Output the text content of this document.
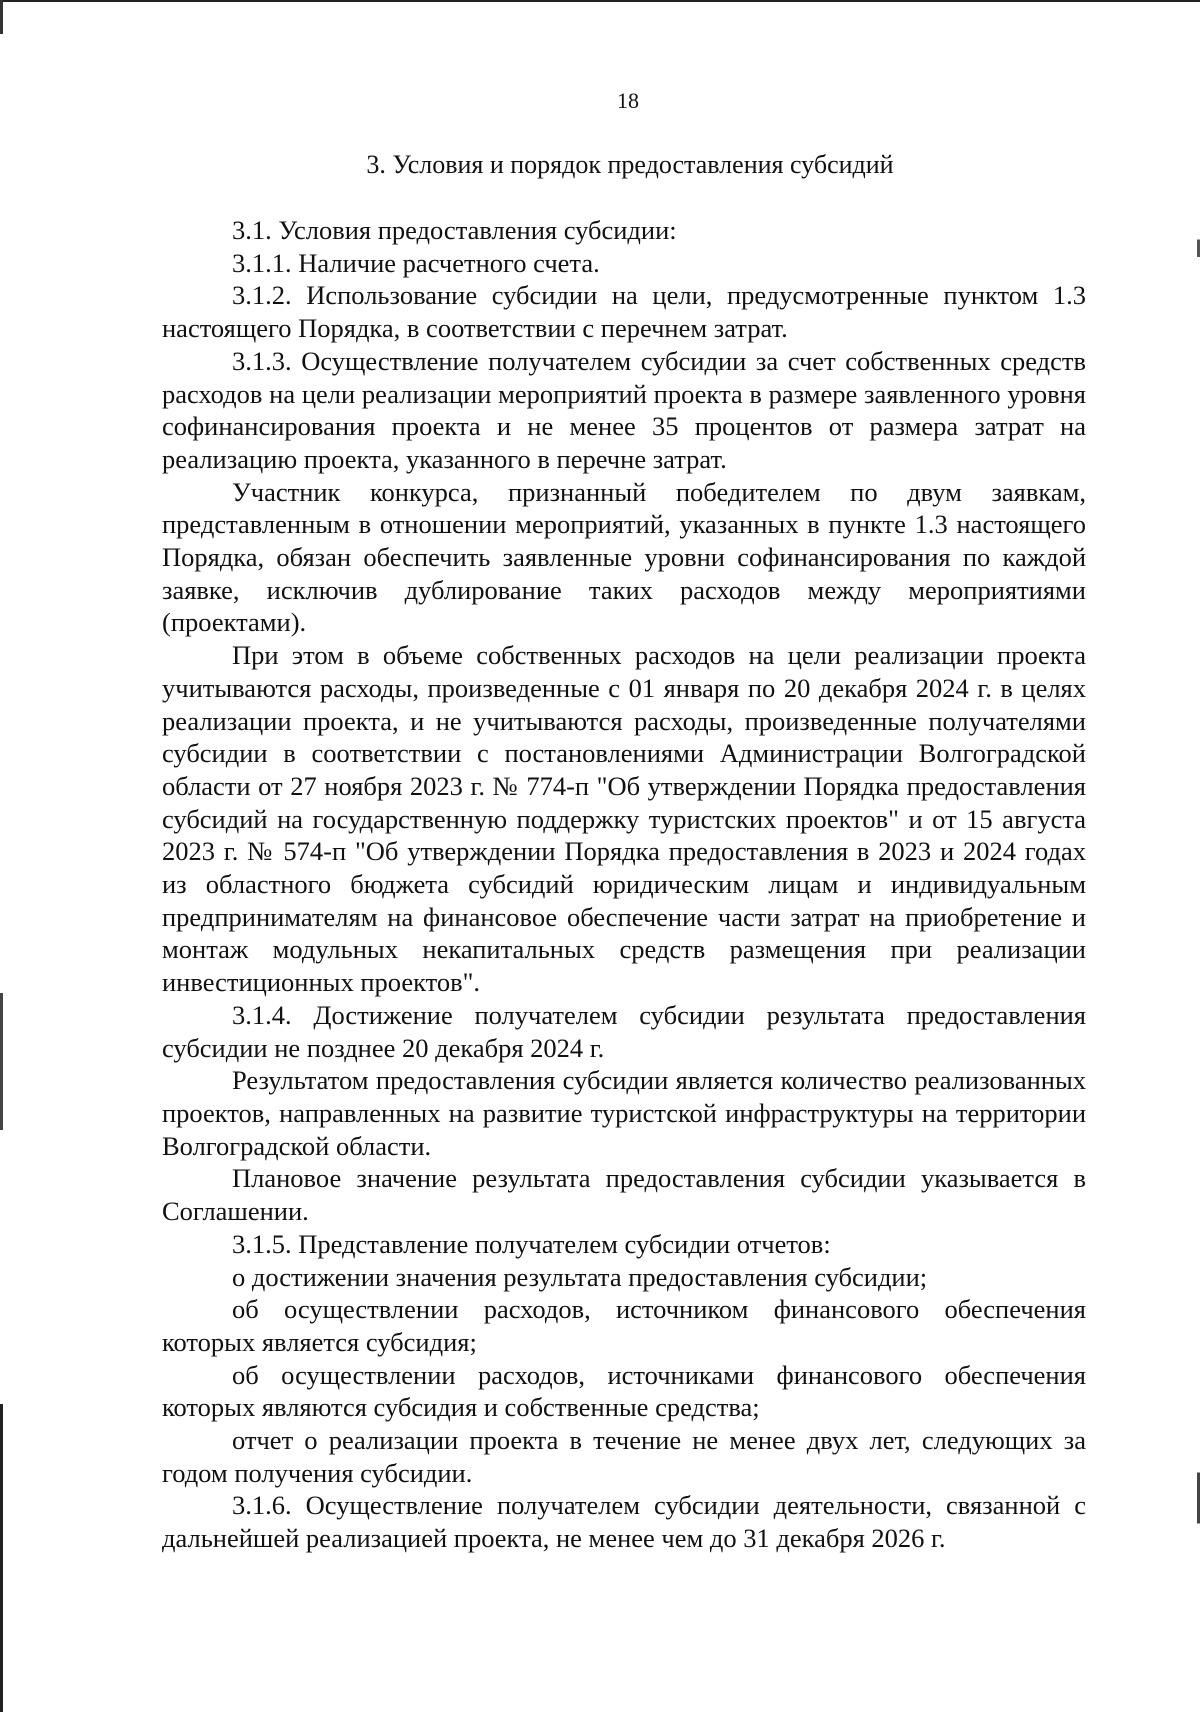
18
3. Условия и порядок предоставления субсидий

3.1. Условия предоставления субсидии:

3.1.1. Наличие расчетного счета.

3.1.2. Использование субсидии на цели, предусмотренные пунктом 1.3 настоящего Порядка, в соответствии с перечнем затрат.

3.1.3. Осуществление получателем субсидии за счет собственных средств расходов на цели реализации мероприятий проекта в размере заявленного уровня софинансирования проекта и не менее 35 процентов от размера затрат на реализацию проекта, указанного в перечне затрат.

Участник конкурса, признанный победителем по двум заявкам, представленным в отношении мероприятий, указанных в пункте 1.3 настоящего Порядка, обязан обеспечить заявленные уровни софинансирования по каждой заявке, исключив дублирование таких расходов между мероприятиями (проектами).

При этом в объеме собственных расходов на цели реализации проекта учитываются расходы, произведенные с 01 января по 20 декабря 2024 г. в целях реализации проекта, и не учитываются расходы, произведенные получателями субсидии в соответствии с постановлениями Администрации Волгоградской области от 27 ноября 2023 г. № 774-п "Об утверждении Порядка предоставления субсидий на государственную поддержку туристских проектов" и от 15 августа 2023 г. № 574-п "Об утверждении Порядка предоставления в 2023 и 2024 годах из областного бюджета субсидий юридическим лицам и индивидуальным предпринимателям на финансовое обеспечение части затрат на приобретение и монтаж модульных некапитальных средств размещения при реализации инвестиционных проектов".

3.1.4. Достижение получателем субсидии результата предоставления субсидии не позднее 20 декабря 2024 г.

Результатом предоставления субсидии является количество реализованных проектов, направленных на развитие туристской инфраструктуры на территории Волгоградской области.

Плановое значение результата предоставления субсидии указывается в Соглашении.

3.1.5. Представление получателем субсидии отчетов:

о достижении значения результата предоставления субсидии;

об осуществлении расходов, источником финансового обеспечения которых является субсидия;

об осуществлении расходов, источниками финансового обеспечения которых являются субсидия и собственные средства;

отчет о реализации проекта в течение не менее двух лет, следующих за годом получения субсидии.

3.1.6. Осуществление получателем субсидии деятельности, связанной с дальнейшей реализацией проекта, не менее чем до 31 декабря 2026 г.
